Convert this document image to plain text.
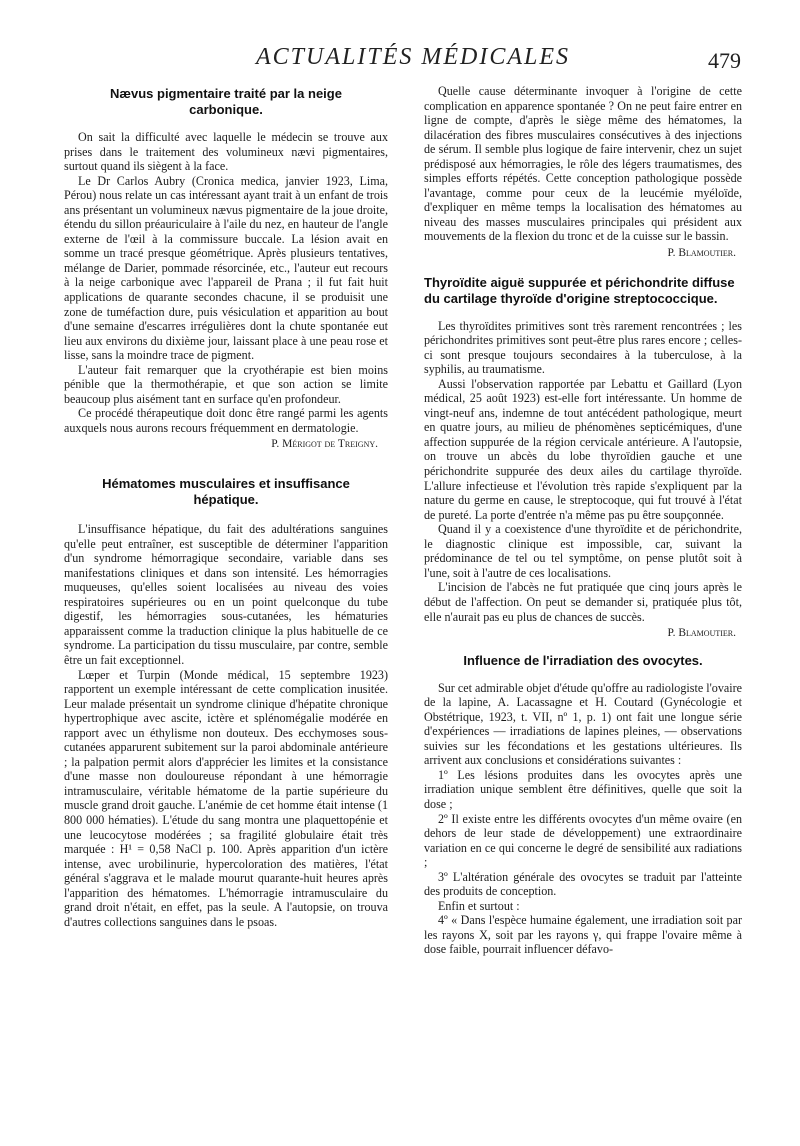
ACTUALITÉS MÉDICALES	479
Nævus pigmentaire traité par la neige carbonique.

On sait la difficulté avec laquelle le médecin se trouve aux prises dans le traitement des volumineux nævi pigmentaires, surtout quand ils siègent à la face.

Le Dr Carlos Aubry (Cronica medica, janvier 1923, Lima, Pérou) nous relate un cas intéressant ayant trait à un enfant de trois ans présentant un volumineux nævus pigmentaire de la joue droite, étendu du sillon préauriculaire à l'aile du nez, en hauteur de l'angle externe de l'œil à la commissure buccale. La lésion avait en somme un tracé presque géométrique. Après plusieurs tentatives, mélange de Darier, pommade résorcinée, etc., l'auteur eut recours à la neige carbonique avec l'appareil de Prana ; il fut fait huit applications de quarante secondes chacune, il se produisit une zone de tuméfaction dure, puis vésiculation et apparition au bout d'une semaine d'escarres irrégulières dont la chute spontanée eut lieu aux environs du dixième jour, laissant place à une peau rose et lisse, sans la moindre trace de pigment.

L'auteur fait remarquer que la cryothérapie est bien moins pénible que la thermothérapie, et que son action se limite beaucoup plus aisément tant en surface qu'en profondeur.

Ce procédé thérapeutique doit donc être rangé parmi les agents auxquels nous aurons recours fréquemment en dermatologie.

P. Mérigot de Treigny.

Hématomes musculaires et insuffisance hépatique.

L'insuffisance hépatique, du fait des adultérations sanguines qu'elle peut entraîner, est susceptible de déterminer l'apparition d'un syndrome hémorragique secondaire, variable dans ses manifestations cliniques et dans son intensité. Les hémorragies muqueuses, qu'elles soient localisées au niveau des voies respiratoires supérieures ou en un point quelconque du tube digestif, les hémorragies sous-cutanées, les hématuries apparaissent comme la traduction clinique la plus habituelle de ce syndrome. La participation du tissu musculaire, par contre, semble être un fait exceptionnel.

Lœper et Turpin (Monde médical, 15 septembre 1923) rapportent un exemple intéressant de cette complication inusitée. Leur malade présentait un syndrome clinique d'hépatite chronique hypertrophique avec ascite, ictère et splénomégalie modérée en rapport avec un éthylisme non douteux. Des ecchymoses sous-cutanées apparurent subitement sur la paroi abdominale antérieure ; la palpation permit alors d'apprécier les limites et la consistance d'une masse non douloureuse répondant à une hémorragie intramusculaire, véritable hématome de la partie supérieure du muscle grand droit gauche. L'anémie de cet homme était intense (1 800 000 hématies). L'étude du sang montra une plaquettopénie et une leucocytose modérées ; sa fragilité globulaire était très marquée : H¹ = 0,58 NaCl p. 100. Après apparition d'un ictère intense, avec urobilinurie, hypercoloration des matières, l'état général s'aggrava et le malade mourut quarante-huit heures après l'apparition des hématomes. L'hémorragie intramusculaire du grand droit n'était, en effet, pas la seule. A l'autopsie, on trouva d'autres collections sanguines dans le psoas.

Quelle cause déterminante invoquer à l'origine de cette complication en apparence spontanée ? On ne peut faire entrer en ligne de compte, d'après le siège même des hématomes, la dilacération des fibres musculaires consécutives à des injections de sérum. Il semble plus logique de faire intervenir, chez un sujet prédisposé aux hémorragies, le rôle des légers traumatismes, des simples efforts répétés. Cette conception pathologique possède l'avantage, comme pour ceux de la leucémie myéloïde, d'expliquer en même temps la localisation des hématomes au niveau des masses musculaires principales qui président aux mouvements de la flexion du tronc et de la cuisse sur le bassin.

P. Blamoutier.

Thyroïdite aiguë suppurée et périchondrite diffuse du cartilage thyroïde d'origine streptococcique.

Les thyroïdites primitives sont très rarement rencontrées ; les périchondrites primitives sont peut-être plus rares encore ; celles-ci sont presque toujours secondaires à la tuberculose, à la syphilis, au traumatisme.

Aussi l'observation rapportée par Lebattu et Gaillard (Lyon médical, 25 août 1923) est-elle fort intéressante. Un homme de vingt-neuf ans, indemne de tout antécédent pathologique, meurt en quatre jours, au milieu de phénomènes septicémiques, d'une affection suppurée de la région cervicale antérieure. A l'autopsie, on trouve un abcès du lobe thyroïdien gauche et une périchondrite suppurée des deux ailes du cartilage thyroïde. L'allure infectieuse et l'évolution très rapide s'expliquent par la nature du germe en cause, le streptocoque, qui fut trouvé à l'état de pureté. La porte d'entrée n'a même pas pu être soupçonnée.

Quand il y a coexistence d'une thyroïdite et de périchondrite, le diagnostic clinique est impossible, car, suivant la prédominance de tel ou tel symptôme, on pense plutôt soit à l'une, soit à l'autre de ces localisations.

L'incision de l'abcès ne fut pratiquée que cinq jours après le début de l'affection. On peut se demander si, pratiquée plus tôt, elle n'aurait pas eu plus de chances de succès.

P. Blamoutier.

Influence de l'irradiation des ovocytes.

Sur cet admirable objet d'étude qu'offre au radiologiste l'ovaire de la lapine, A. Lacassagne et H. Coutard (Gynécologie et Obstétrique, 1923, t. VII, nº 1, p. 1) ont fait une longue série d'expériences — irradiations de lapines pleines, — observations suivies sur les fécondations et les gestations ultérieures. Ils arrivent aux conclusions et considérations suivantes :

1º Les lésions produites dans les ovocytes après une irradiation unique semblent être définitives, quelle que soit la dose ;

2º Il existe entre les différents ovocytes d'un même ovaire (en dehors de leur stade de développement) une extraordinaire variation en ce qui concerne le degré de sensibilité aux radiations ;

3º L'altération générale des ovocytes se traduit par l'atteinte des produits de conception.

Enfin et surtout :

4º « Dans l'espèce humaine également, une irradiation soit par les rayons X, soit par les rayons γ, qui frappe l'ovaire même à dose faible, pourrait influencer défavo-
